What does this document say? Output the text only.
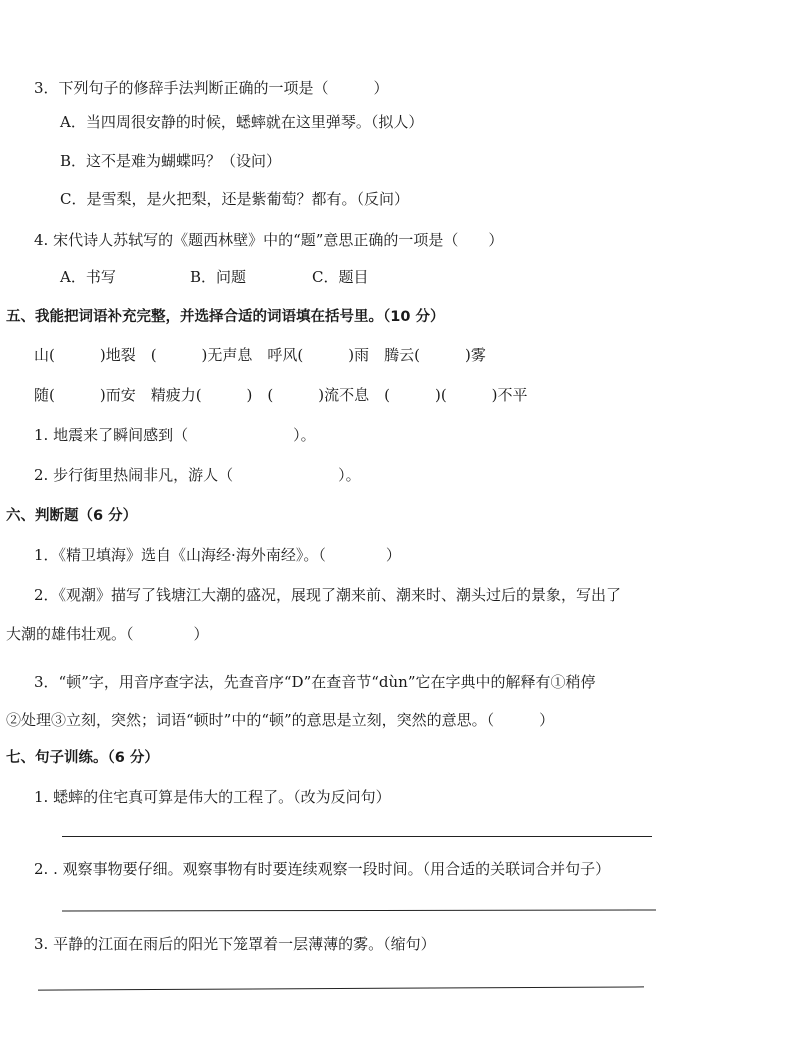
3．下列句子的修辞手法判断正确的一项是（　　　）
A．当四周很安静的时候，蟋蟀就在这里弹琴。（拟人）
B．这不是难为蝴蝶吗？（设问）
C．是雪梨，是火把梨，还是紫葡萄？都有。（反问）
4. 宋代诗人苏轼写的《题西林壁》中的“题”意思正确的一项是（　　）
A．书写	B．问题	C．题目
五、我能把词语补充完整，并选择合适的词语填在括号里。（10 分）
山(　　　)地裂　(　　　)无声息　呼风(　　　)雨　腾云(　　　)雾
随(　　　)而安　精疲力(　　　)　(　　　)流不息　(　　　)(　　　)不平
1. 地震来了瞬间感到（　　　　　　　）。
2. 步行街里热闹非凡，游人（　　　　　　　）。
六、判断题（6 分）
1．《精卫填海》选自《山海经·海外南经》。（　　　　）
2．《观潮》描写了钱塘江大潮的盛况，展现了潮来前、潮来时、潮头过后的景象，写出了
大潮的雄伟壮观。（　　　　）
3．“顿”字，用音序查字法，先查音序“D”在查音节“dùn”它在字典中的解释有①稍停
②处理③立刻，突然；词语“顿时”中的“顿”的意思是立刻，突然的意思。（　　　）
七、句子训练。（6 分）
1. 蟋蟀的住宅真可算是伟大的工程了。（改为反问句）
2. . 观察事物要仔细。观察事物有时要连续观察一段时间。（用合适的关联词合并句子）
3. 平静的江面在雨后的阳光下笼罩着一层薄薄的雾。（缩句）
